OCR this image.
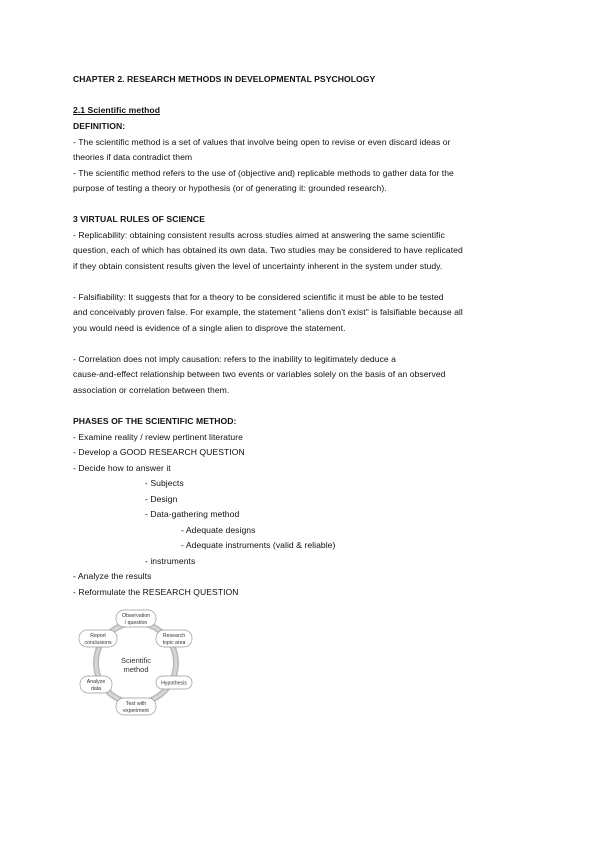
CHAPTER 2. RESEARCH METHODS IN DEVELOPMENTAL PSYCHOLOGY
2.1 Scientific method
DEFINITION:
- The scientific method is a set of values that involve being open to revise or even discard ideas or
theories if data contradict them
- The scientific method refers to the use of (objective and) replicable methods to gather data for the
purpose of testing a theory or hypothesis (or of generating it: grounded research).
3 VIRTUAL RULES OF SCIENCE
- Replicability: obtaining consistent results across studies aimed at answering the same scientific
question, each of which has obtained its own data. Two studies may be considered to have replicated
if they obtain consistent results given the level of uncertainty inherent in the system under study.
- Falsifiability: It suggests that for a theory to be considered scientific it must be able to be tested
and conceivably proven false. For example, the statement "aliens don't exist" is falsifiable because all
you would need is evidence of a single alien to disprove the statement.
- Correlation does not imply causation: refers to the inability to legitimately deduce a
cause-and-effect relationship between two events or variables solely on the basis of an observed
association or correlation between them.
PHASES OF THE SCIENTIFIC METHOD:
- Examine reality / review pertinent literature
- Develop a GOOD RESEARCH QUESTION
- Decide how to answer it
- Subjects
- Design
- Data-gathering method
- Adequate designs
- Adequate instruments (valid & reliable)
- instruments
- Analyze the results
- Reformulate the RESEARCH QUESTION
Scientific
method
Observation
/ question
Research
topic area
Hypothesis
Test with
experiment
Analyze
data
Report
conclusions
